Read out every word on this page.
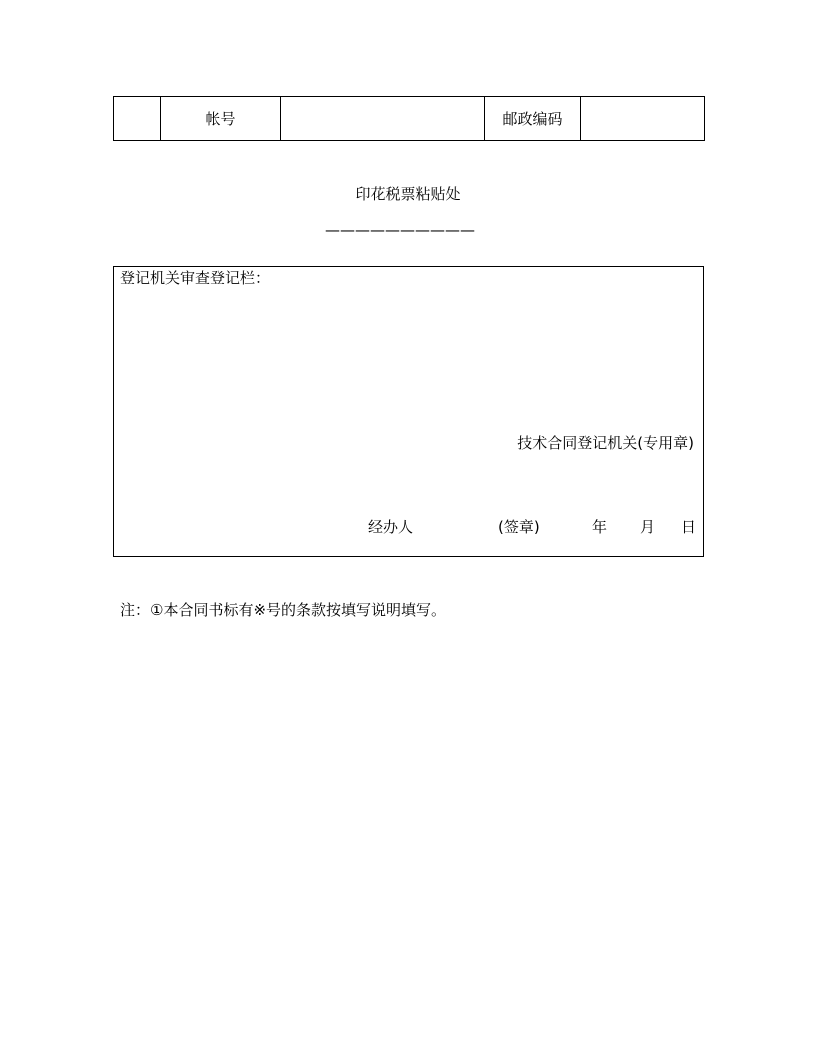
	帐号		邮政编码	
印花税票粘贴处
——————————
登记机关审查登记栏：
技术合同登记机关(专用章)
经办人	(签章)	年 月 日
注：①本合同书标有※号的条款按填写说明填写。
